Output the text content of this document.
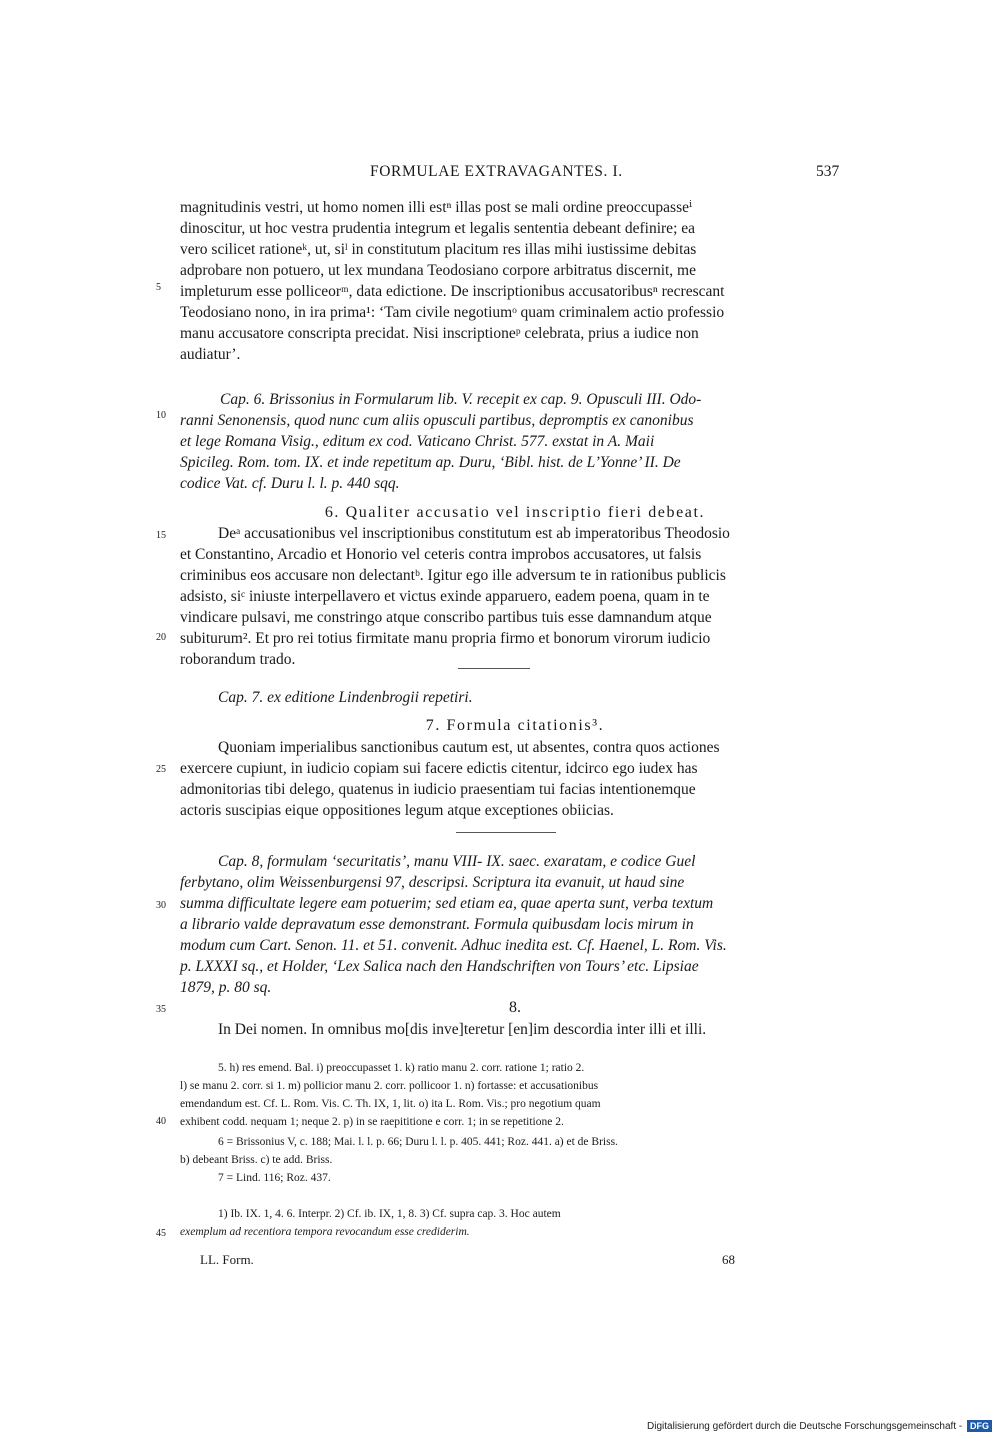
FORMULAE EXTRAVAGANTES. I.	537
5
10
15
20
25
30
35
40
45
magnitudinis vestri, ut homo nomen illi estⁿ illas post se mali ordine preoccupasseⁱ
dinoscitur, ut hoc vestra prudentia integrum et legalis sententia debeant definire; ea
vero scilicet rationeᵏ, ut, siˡ in constitutum placitum res illas mihi iustissime debitas
adprobare non potuero, ut lex mundana Teodosiano corpore arbitratus discernit, me
impleturum esse polliceorᵐ, data edictione. De inscriptionibus accusatoribusⁿ recrescant
Teodosiano nono, in ira prima¹: ‘Tam civile negotiumᵒ quam criminalem actio professio
manu accusatore conscripta precidat. Nisi inscriptioneᵖ celebrata, prius a iudice non
audiatur’.
Cap. 6. Brissonius in Formularum lib. V. recepit ex cap. 9. Opusculi III. Odo-
ranni Senonensis, quod nunc cum aliis opusculi partibus, depromptis ex canonibus
et lege Romana Visig., editum ex cod. Vaticano Christ. 577. exstat in A. Maii
Spicileg. Rom. tom. IX. et inde repetitum ap. Duru, ‘Bibl. hist. de L’Yonne’ II. De
codice Vat. cf. Duru l. l. p. 440 sqq.
6. Qualiter accusatio vel inscriptio fieri debeat.
Deᵃ accusationibus vel inscriptionibus constitutum est ab imperatoribus Theodosio
et Constantino, Arcadio et Honorio vel ceteris contra improbos accusatores, ut falsis
criminibus eos accusare non delectantᵇ. Igitur ego ille adversum te in rationibus publicis
adsisto, siᶜ iniuste interpellavero et victus exinde apparuero, eadem poena, quam in te
vindicare pulsavi, me constringo atque conscribo partibus tuis esse damnandum atque
subiturum². Et pro rei totius firmitate manu propria firmo et bonorum virorum iudicio
roborandum trado.
Cap. 7. ex editione Lindenbrogii repetiri.
7. Formula citationis³.
Quoniam imperialibus sanctionibus cautum est, ut absentes, contra quos actiones
exercere cupiunt, in iudicio copiam sui facere edictis citentur, idcirco ego iudex has
admonitorias tibi delego, quatenus in iudicio praesentiam tui facias intentionemque
actoris suscipias eique oppositiones legum atque exceptiones obiicias.
Cap. 8, formulam ‘securitatis’, manu VIII- IX. saec. exaratam, e codice Guel
ferbytano, olim Weissenburgensi 97, descripsi. Scriptura ita evanuit, ut haud sine
summa difficultate legere eam potuerim; sed etiam ea, quae aperta sunt, verba textum
a librario valde depravatum esse demonstrant. Formula quibusdam locis mirum in
modum cum Cart. Senon. 11. et 51. convenit. Adhuc inedita est. Cf. Haenel, L. Rom. Vis.
p. LXXXI sq., et Holder, ‘Lex Salica nach den Handschriften von Tours’ etc. Lipsiae
1879, p. 80 sq.
8.
In Dei nomen. In omnibus mo[dis inve]teretur [en]im descordia inter illi et illi.
5. h) res emend. Bal. i) preoccupasset 1. k) ratio manu 2. corr. ratione 1; ratio 2.
l) se manu 2. corr. si 1. m) pollicior manu 2. corr. pollicoor 1. n) fortasse: et accusationibus
emendandum est. Cf. L. Rom. Vis. C. Th. IX, 1, lit. o) ita L. Rom. Vis.; pro negotium quam
exhibent codd. nequam 1; neque 2. p) in se raepititione e corr. 1; in se repetitione 2.
6 = Brissonius V, c. 188; Mai. l. l. p. 66; Duru l. l. p. 405. 441; Roz. 441. a) et de Briss.
b) debeant Briss. c) te add. Briss.
7 = Lind. 116; Roz. 437.
1) Ib. IX. 1, 4. 6. Interpr. 2) Cf. ib. IX, 1, 8. 3) Cf. supra cap. 3. Hoc autem
exemplum ad recentiora tempora revocandum esse crediderim.
LL. Form.	68
Digitalisierung gefördert durch die Deutsche Forschungsgemeinschaft - DFG
